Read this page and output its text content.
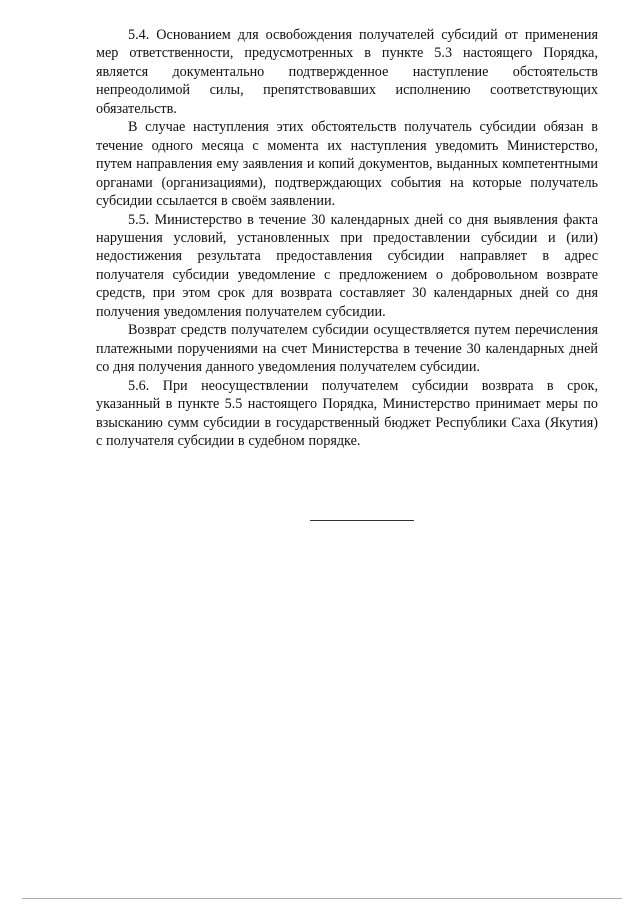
5.4. Основанием для освобождения получателей субсидий от применения мер ответственности, предусмотренных в пункте 5.3 настоящего Порядка, является документально подтвержденное наступление обстоятельств непреодолимой силы, препятствовавших исполнению соответствующих обязательств.

В случае наступления этих обстоятельств получатель субсидии обязан в течение одного месяца с момента их наступления уведомить Министерство, путем направления ему заявления и копий документов, выданных компетентными органами (организациями), подтверждающих события на которые получатель субсидии ссылается в своём заявлении.

5.5. Министерство в течение 30 календарных дней со дня выявления факта нарушения условий, установленных при предоставлении субсидии и (или) недостижения результата предоставления субсидии направляет в адрес получателя субсидии уведомление с предложением о добровольном возврате средств, при этом срок для возврата составляет 30 календарных дней со дня получения уведомления получателем субсидии.

Возврат средств получателем субсидии осуществляется путем перечисления платежными поручениями на счет Министерства в течение 30 календарных дней со дня получения данного уведомления получателем субсидии.

5.6. При неосуществлении получателем субсидии возврата в срок, указанный в пункте 5.5 настоящего Порядка, Министерство принимает меры по взысканию сумм субсидии в государственный бюджет Республики Саха (Якутия) с получателя субсидии в судебном порядке.
